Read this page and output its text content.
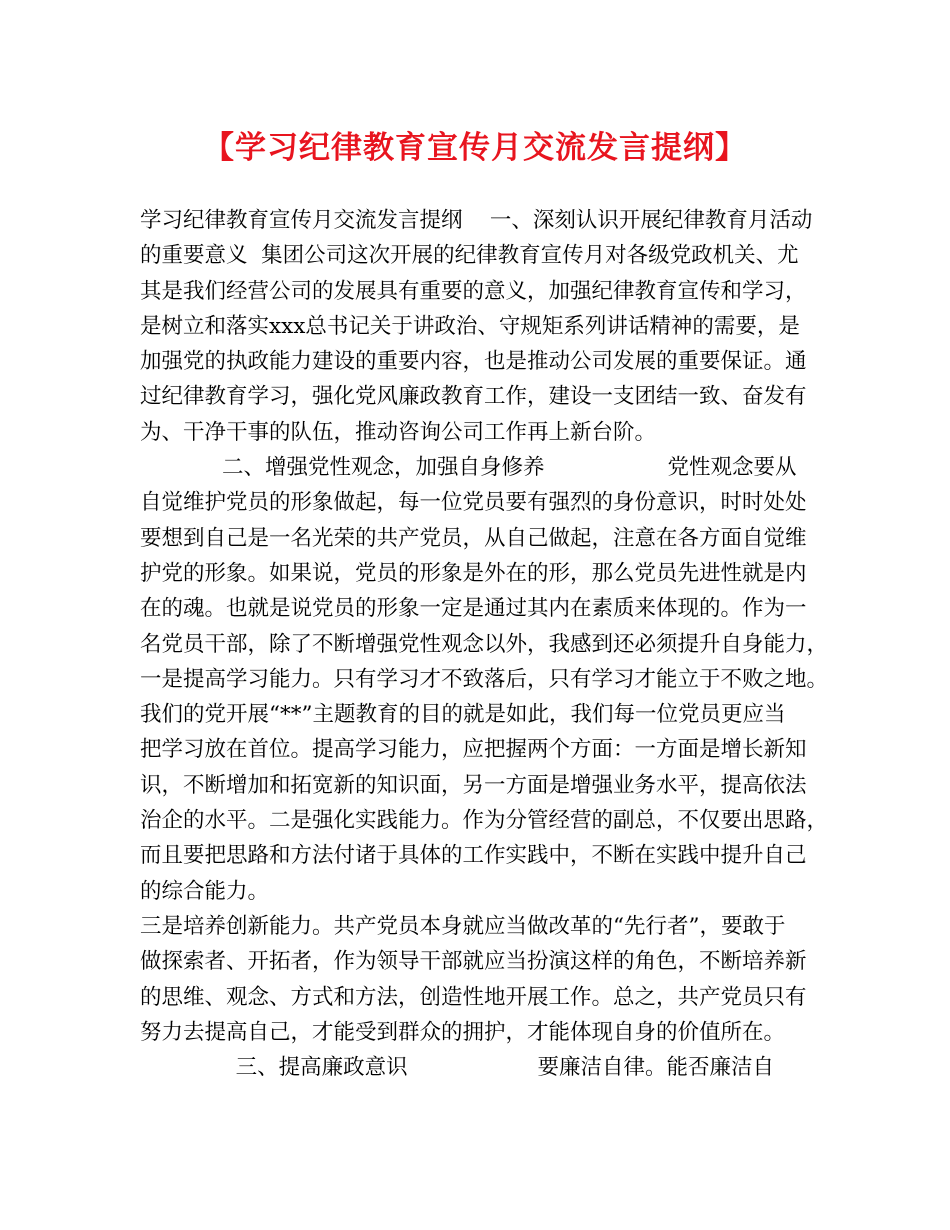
【学习纪律教育宣传月交流发言提纲】
学习纪律教育宣传月交流发言提纲    一、深刻认识开展纪律教育月活动
的重要意义  集团公司这次开展的纪律教育宣传月对各级党政机关、尤
其是我们经营公司的发展具有重要的意义，加强纪律教育宣传和学习，
是树立和落实xxx总书记关于讲政治、守规矩系列讲话精神的需要，是
加强党的执政能力建设的重要内容，也是推动公司发展的重要保证。通
过纪律教育学习，强化党风廉政教育工作，建设一支团结一致、奋发有
为、干净干事的队伍，推动咨询公司工作再上新台阶。
二、增强党性观念，加强自身修养                  党性观念要从
自觉维护党员的形象做起，每一位党员要有强烈的身份意识，时时处处
要想到自己是一名光荣的共产党员，从自己做起，注意在各方面自觉维
护党的形象。如果说，党员的形象是外在的形，那么党员先进性就是内
在的魂。也就是说党员的形象一定是通过其内在素质来体现的。作为一
名党员干部，除了不断增强党性观念以外，我感到还必须提升自身能力，
一是提高学习能力。只有学习才不致落后，只有学习才能立于不败之地。
我们的党开展“**”主题教育的目的就是如此，我们每一位党员更应当
把学习放在首位。提高学习能力，应把握两个方面：一方面是增长新知
识，不断增加和拓宽新的知识面，另一方面是增强业务水平，提高依法
治企的水平。二是强化实践能力。作为分管经营的副总，不仅要出思路，
而且要把思路和方法付诸于具体的工作实践中，不断在实践中提升自己
的综合能力。
三是培养创新能力。共产党员本身就应当做改革的“先行者”，要敢于
做探索者、开拓者，作为领导干部就应当扮演这样的角色，不断培养新
的思维、观念、方式和方法，创造性地开展工作。总之，共产党员只有
努力去提高自己，才能受到群众的拥护，才能体现自身的价值所在。
三、提高廉政意识                   要廉洁自律。能否廉洁自
